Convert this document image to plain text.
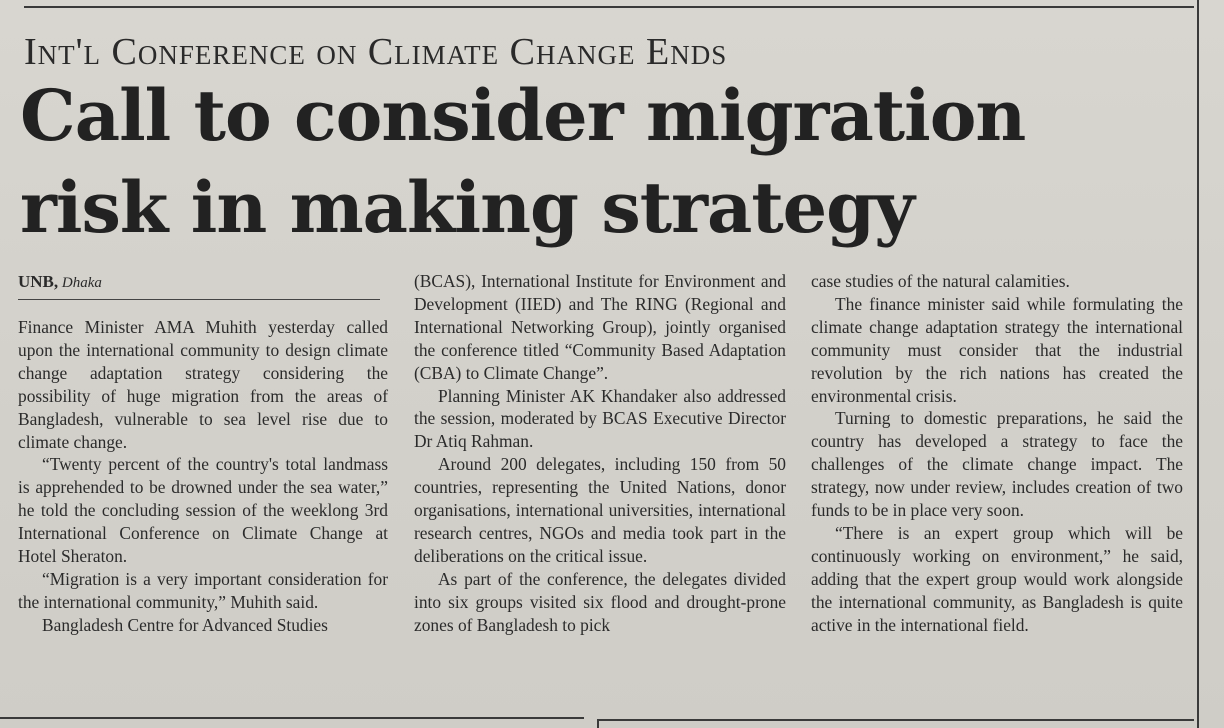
Int'l Conference on Climate Change Ends
Call to consider migration risk in making strategy
UNB, Dhaka

Finance Minister AMA Muhith yesterday called upon the international community to design climate change adaptation strategy considering the possibility of huge migration from the areas of Bangladesh, vulnerable to sea level rise due to climate change.

“Twenty percent of the country's total landmass is apprehended to be drowned under the sea water,” he told the concluding session of the weeklong 3rd International Conference on Climate Change at Hotel Sheraton.

“Migration is a very important consideration for the international community,” Muhith said.

Bangladesh Centre for Advanced Studies

(BCAS), International Institute for Environment and Development (IIED) and The RING (Regional and International Networking Group), jointly organised the conference titled “Community Based Adaptation (CBA) to Climate Change”.

Planning Minister AK Khandaker also addressed the session, moderated by BCAS Executive Director Dr Atiq Rahman.

Around 200 delegates, including 150 from 50 countries, representing the United Nations, donor organisations, international universities, international research centres, NGOs and media took part in the deliberations on the critical issue.

As part of the conference, the delegates divided into six groups visited six flood and drought-prone zones of Bangladesh to pick

case studies of the natural calamities.

The finance minister said while formulating the climate change adaptation strategy the international community must consider that the industrial revolution by the rich nations has created the environmental crisis.

Turning to domestic preparations, he said the country has developed a strategy to face the challenges of the climate change impact. The strategy, now under review, includes creation of two funds to be in place very soon.

“There is an expert group which will be continuously working on environment,” he said, adding that the expert group would work alongside the international community, as Bangladesh is quite active in the international field.
